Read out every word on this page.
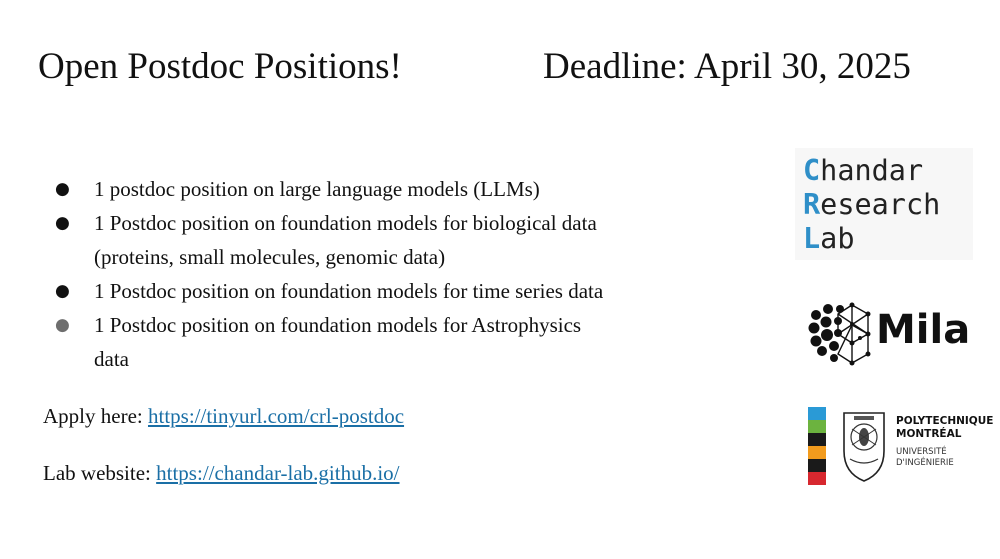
Open Postdoc Positions!	Deadline: April 30, 2025
● 1 postdoc position on large language models (LLMs)
● 1 Postdoc position on foundation models for biological data
(proteins, small molecules, genomic data)
● 1 Postdoc position on foundation models for time series data
● 1 Postdoc position on foundation models for Astrophysics
data
Apply here: https://tinyurl.com/crl-postdoc
Lab website: https://chandar-lab.github.io/
Chandar
Research
Lab
Mila
POLYTECHNIQUE
MONTRÉAL
UNIVERSITÉ
D'INGÉNIERIE
